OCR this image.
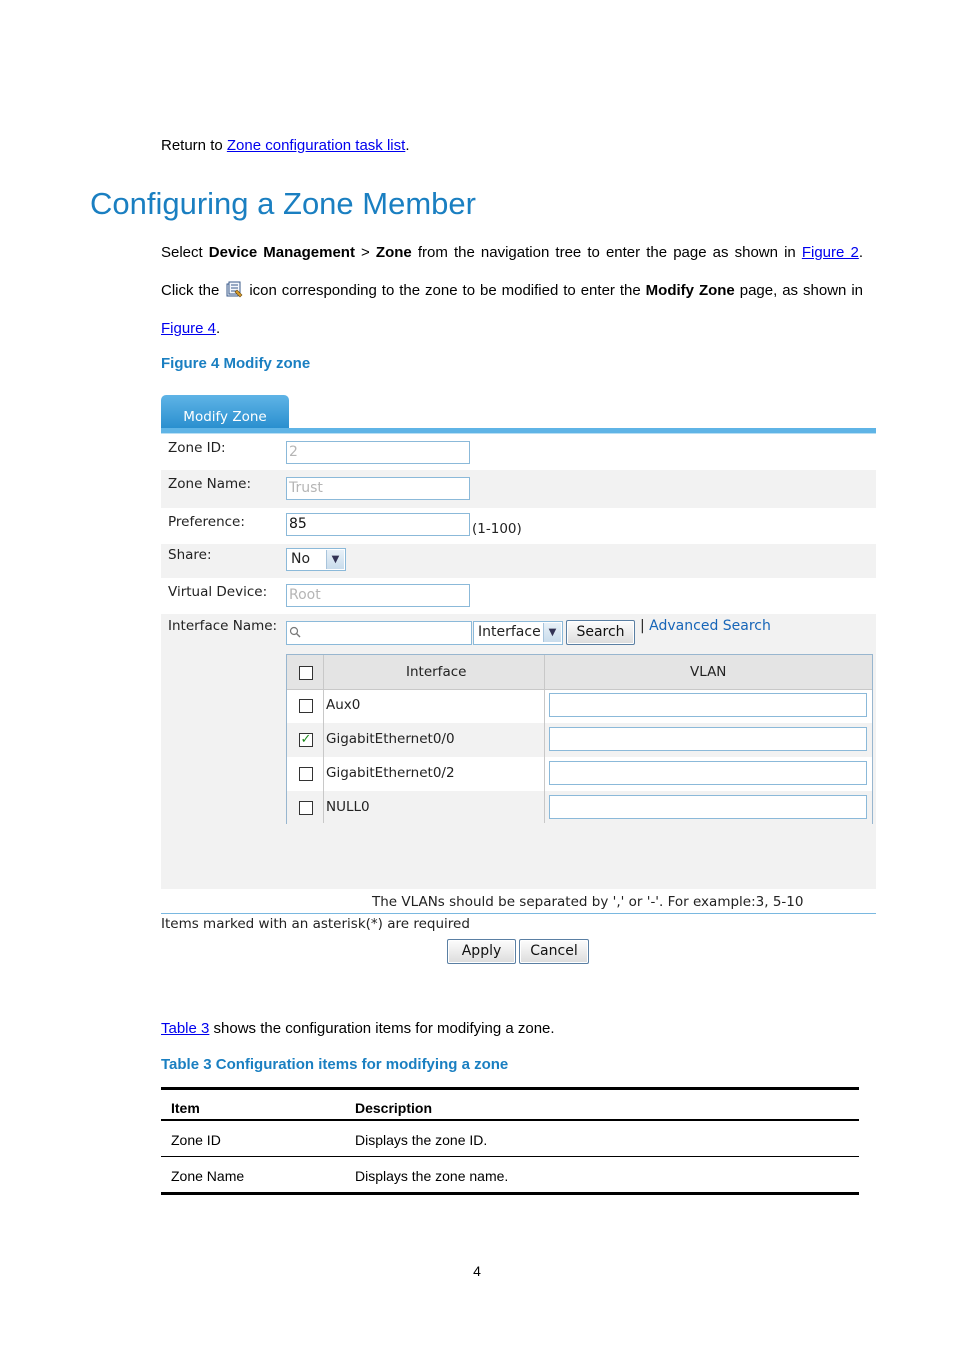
Return to Zone configuration task list.
Configuring a Zone Member

Select Device Management > Zone from the navigation tree to enter the page as shown in Figure 2. Click the icon corresponding to the zone to be modified to enter the Modify Zone page, as shown in Figure 4.

Figure 4 Modify zone
Modify Zone
Zone ID:	2
Zone Name:	Trust
Preference:	85	(1-100)
Share:	No	▼
Virtual Device: Root
Interface Name:	Interface ▼	Search	| Advanced Search
Interface	VLAN
Aux0
✓ GigabitEthernet0/0
GigabitEthernet0/2
NULL0
The VLANs should be separated by ',' or '-'. For example:3, 5-10
Items marked with an asterisk(*) are required
Apply	Cancel
Table 3 shows the configuration items for modifying a zone.
Table 3 Configuration items for modifying a zone
Item	Description
Zone ID	Displays the zone ID.
Zone Name	Displays the zone name.
4
